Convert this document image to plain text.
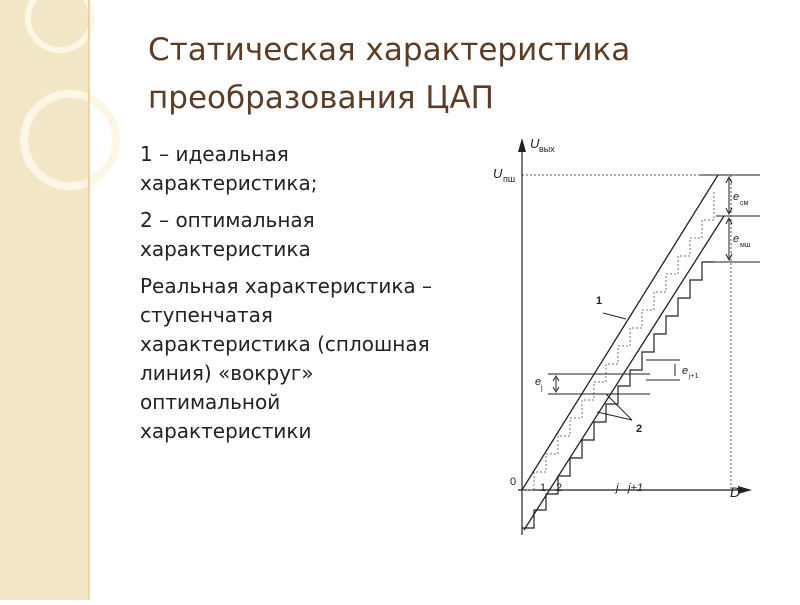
Статическая характеристика преобразования ЦАП
1 – идеальная характеристика;
2 – оптимальная характеристика
Реальная характеристика – ступенчатая характеристика (сплошная линия) «вокруг» оптимальной характеристики
U вых
U пш
D
0 1 2	j j+1
1
2
e
см
e
мш
e
j
e j+1
